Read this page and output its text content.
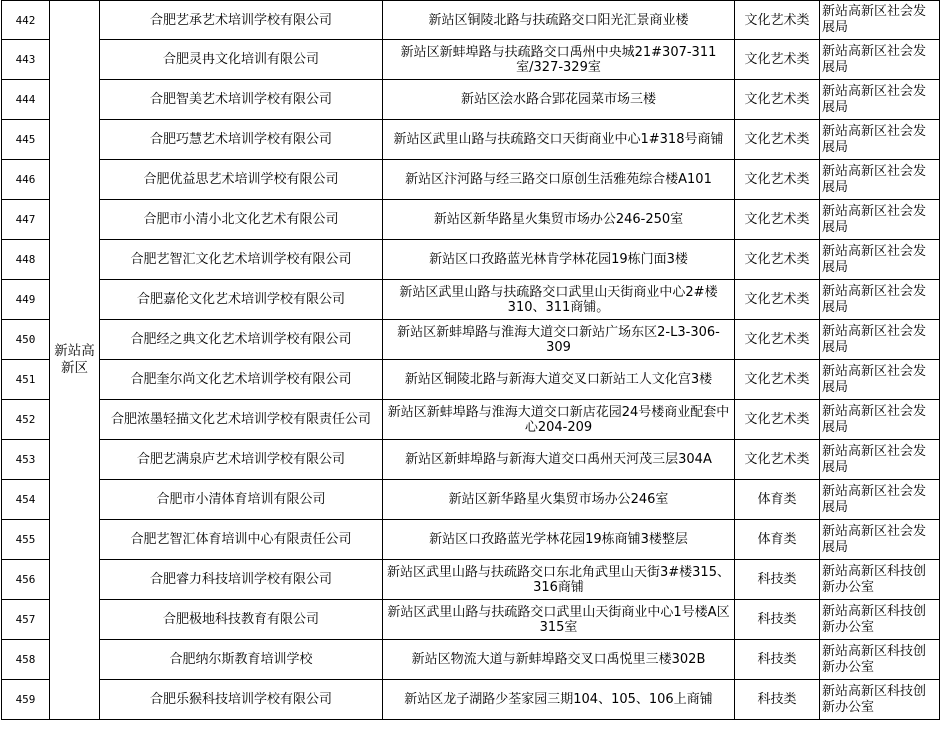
442	新站高新区	合肥艺承艺术培训学校有限公司	新站区铜陵北路与扶疏路交口阳光汇景商业楼	文化艺术类	新站高新区社会发展局
443		合肥灵冉文化培训有限公司	新站区新蚌埠路与扶疏路交口禹州中央城21#307-311室/327-329室	文化艺术类	新站高新区社会发展局
444		合肥智美艺术培训学校有限公司	新站区浍水路合郢花园菜市场三楼	文化艺术类	新站高新区社会发展局
445		合肥巧慧艺术培训学校有限公司	新站区武里山路与扶疏路交口天街商业中心1#318号商铺	文化艺术类	新站高新区社会发展局
446		合肥优益思艺术培训学校有限公司	新站区汴河路与经三路交口原创生活雅苑综合楼A101	文化艺术类	新站高新区社会发展局
447		合肥市小清小北文化艺术有限公司	新站区新华路星火集贸市场办公246-250室	文化艺术类	新站高新区社会发展局
448		合肥艺智汇文化艺术培训学校有限公司	新站区口孜路蓝光林肯学林花园19栋门面3楼	文化艺术类	新站高新区社会发展局
449		合肥嘉伦文化艺术培训学校有限公司	新站区武里山路与扶疏路交口武里山天街商业中心2#楼310、311商铺。	文化艺术类	新站高新区社会发展局
450		合肥经之典文化艺术培训学校有限公司	新站区新蚌埠路与淮海大道交口新站广场东区2-L3-306-309	文化艺术类	新站高新区社会发展局
451		合肥奎尔尚文化艺术培训学校有限公司	新站区铜陵北路与新海大道交叉口新站工人文化宫3楼	文化艺术类	新站高新区社会发展局
452		合肥浓墨轻描文化艺术培训学校有限责任公司	新站区新蚌埠路与淮海大道交口新店花园24号楼商业配套中心204-209	文化艺术类	新站高新区社会发展局
453		合肥艺满泉庐艺术培训学校有限公司	新站区新蚌埠路与新海大道交口禹州天河茂三层304A	文化艺术类	新站高新区社会发展局
454		合肥市小清体育培训有限公司	新站区新华路星火集贸市场办公246室	体育类	新站高新区社会发展局
455		合肥艺智汇体育培训中心有限责任公司	新站区口孜路蓝光学林花园19栋商铺3楼整层	体育类	新站高新区社会发展局
456		合肥睿力科技培训学校有限公司	新站区武里山路与扶疏路交口东北角武里山天街3#楼315、316商铺	科技类	新站高新区科技创新办公室
457		合肥极地科技教育有限公司	新站区武里山路与扶疏路交口武里山天街商业中心1号楼A区315室	科技类	新站高新区科技创新办公室
458		合肥纳尔斯教育培训学校	新站区物流大道与新蚌埠路交叉口禹悦里三楼302B	科技类	新站高新区科技创新办公室
459		合肥乐猴科技培训学校有限公司	新站区龙子湖路少荃家园三期104、105、106上商铺	科技类	新站高新区科技创新办公室
